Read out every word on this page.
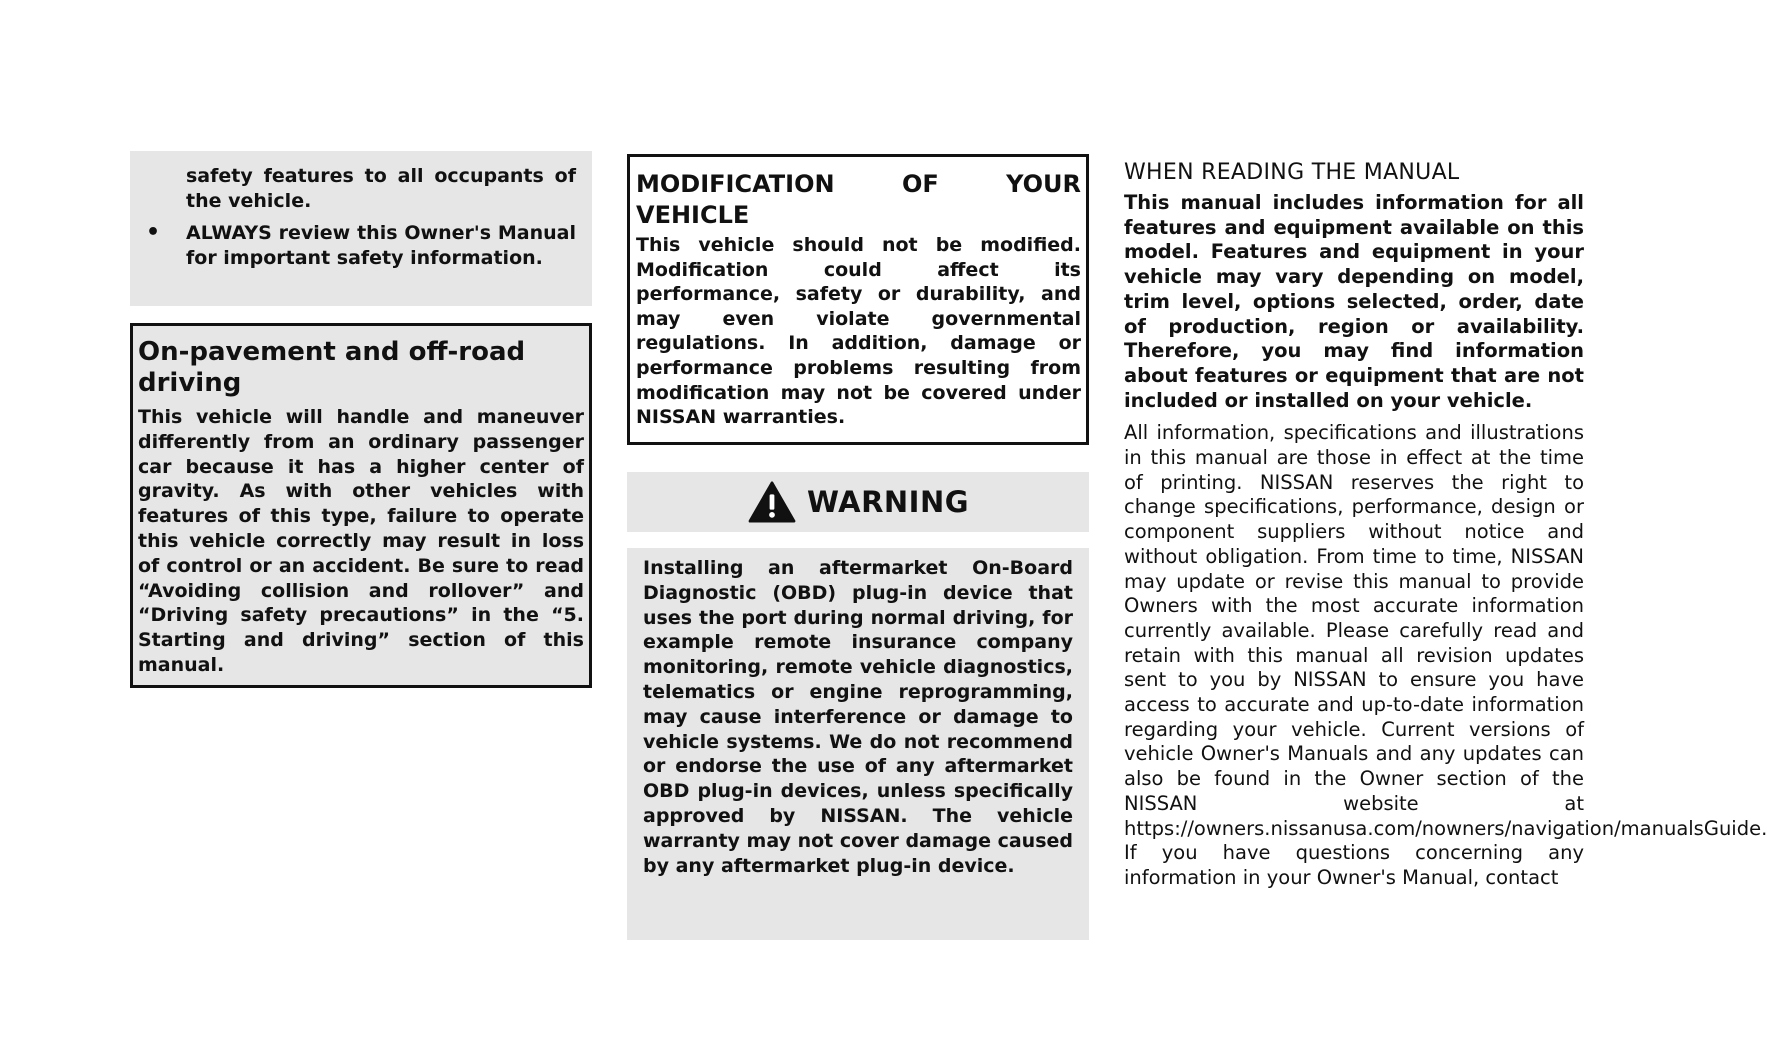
safety features to all occupants of the vehicle.

• ALWAYS review this Owner's Manual for important safety information.

On-pavement and off-road driving

This vehicle will handle and maneuver differently from an ordinary passenger car because it has a higher center of gravity. As with other vehicles with features of this type, failure to operate this vehicle correctly may result in loss of control or an accident. Be sure to read “Avoiding collision and rollover” and “Driving safety precautions” in the “5. Starting and driving” section of this manual.

MODIFICATION OF YOUR VEHICLE

This vehicle should not be modified. Modification could affect its performance, safety or durability, and may even violate governmental regulations. In addition, damage or performance problems resulting from modification may not be covered under NISSAN warranties.

WARNING

Installing an aftermarket On-Board Diagnostic (OBD) plug-in device that uses the port during normal driving, for example remote insurance company monitoring, remote vehicle diagnostics, telematics or engine reprogramming, may cause interference or damage to vehicle systems. We do not recommend or endorse the use of any aftermarket OBD plug-in devices, unless specifically approved by NISSAN. The vehicle warranty may not cover damage caused by any aftermarket plug-in device.

WHEN READING THE MANUAL

This manual includes information for all features and equipment available on this model. Features and equipment in your vehicle may vary depending on model, trim level, options selected, order, date of production, region or availability. Therefore, you may find information about features or equipment that are not included or installed on your vehicle.

All information, specifications and illustrations in this manual are those in effect at the time of printing. NISSAN reserves the right to change specifications, performance, design or component suppliers without notice and without obligation. From time to time, NISSAN may update or revise this manual to provide Owners with the most accurate information currently available. Please carefully read and retain with this manual all revision updates sent to you by NISSAN to ensure you have access to accurate and up-to-date information regarding your vehicle. Current versions of vehicle Owner's Manuals and any updates can also be found in the Owner section of the NISSAN website at https://owners.nissanusa.com/nowners/navigation/manualsGuide. If you have questions concerning any information in your Owner's Manual, contact
